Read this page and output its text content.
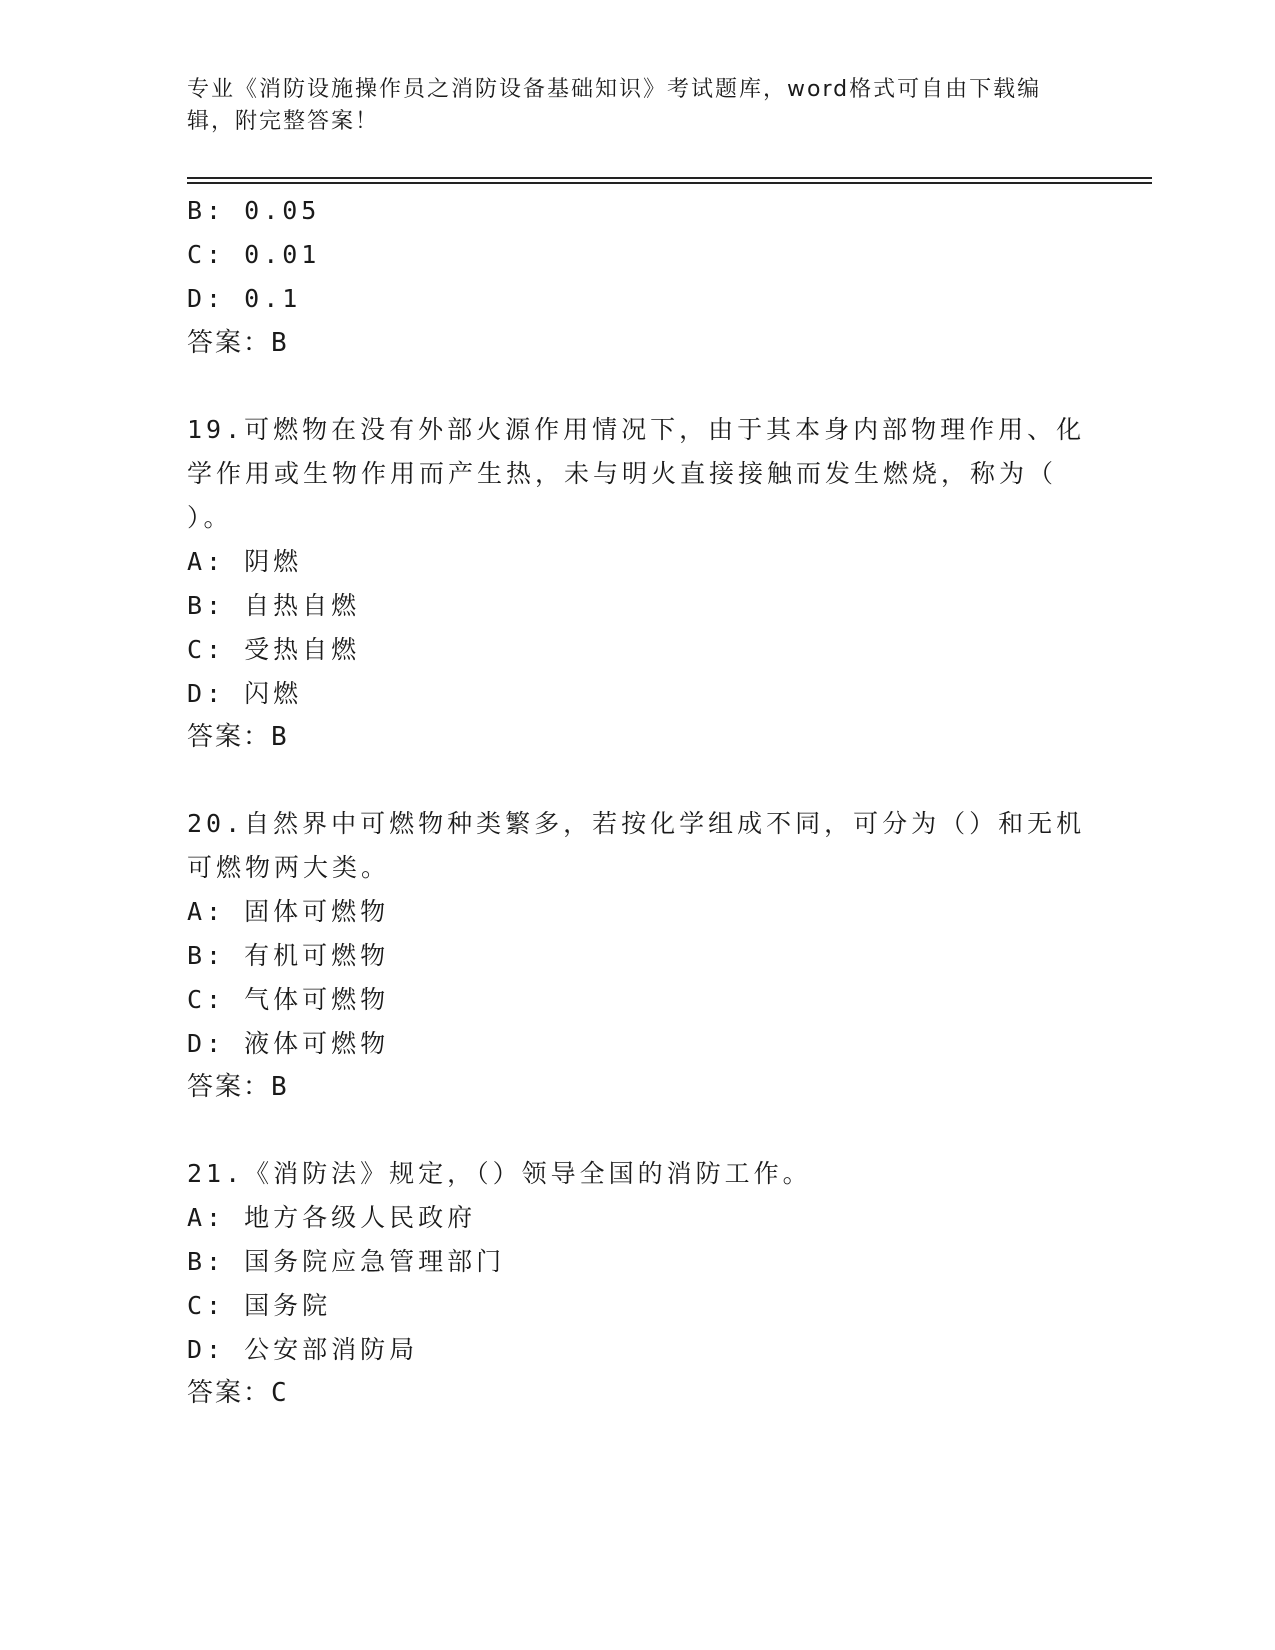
专业《消防设施操作员之消防设备基础知识》考试题库，word格式可自由下载编
辑，附完整答案！
B: 0.05
C: 0.01
D: 0.1
答案：B
19.可燃物在没有外部火源作用情况下，由于其本身内部物理作用、化
学作用或生物作用而产生热，未与明火直接接触而发生燃烧，称为（
）。
A: 阴燃
B: 自热自燃
C: 受热自燃
D: 闪燃
答案：B
20.自然界中可燃物种类繁多，若按化学组成不同，可分为（）和无机
可燃物两大类。
A: 固体可燃物
B: 有机可燃物
C: 气体可燃物
D: 液体可燃物
答案：B
21.《消防法》规定，（）领导全国的消防工作。
A: 地方各级人民政府
B: 国务院应急管理部门
C: 国务院
D: 公安部消防局
答案：C
